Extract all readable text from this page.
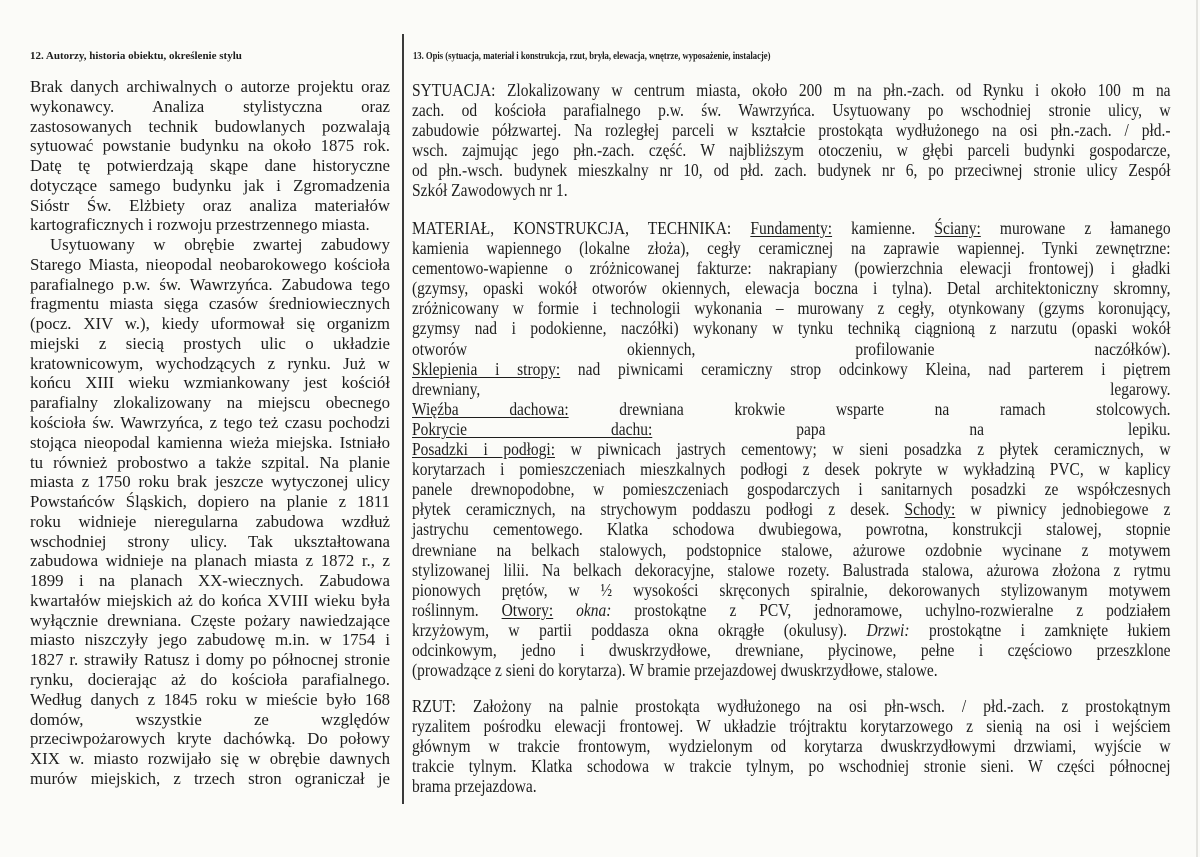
12. Autorzy, historia obiektu, określenie stylu
Brak danych archiwalnych o autorze projektu oraz
wykonawcy. Analiza stylistyczna oraz
zastosowanych technik budowlanych pozwalają
sytuować powstanie budynku na około 1875 rok.
Datę tę potwierdzają skąpe dane historyczne
dotyczące samego budynku jak i Zgromadzenia
Sióstr Św. Elżbiety oraz analiza materiałów
kartograficznych i rozwoju przestrzennego miasta.
Usytuowany w obrębie zwartej zabudowy
Starego Miasta, nieopodal neobarokowego kościoła
parafialnego p.w. św. Wawrzyńca. Zabudowa tego
fragmentu miasta sięga czasów średniowiecznych
(pocz. XIV w.), kiedy uformował się organizm
miejski z siecią prostych ulic o układzie
kratownicowym, wychodzących z rynku. Już w
końcu XIII wieku wzmiankowany jest kościół
parafialny zlokalizowany na miejscu obecnego
kościoła św. Wawrzyńca, z tego też czasu pochodzi
stojąca nieopodal kamienna wieża miejska. Istniało
tu również probostwo a także szpital. Na planie
miasta z 1750 roku brak jeszcze wytyczonej ulicy
Powstańców Śląskich, dopiero na planie z 1811
roku widnieje nieregularna zabudowa wzdłuż
wschodniej strony ulicy. Tak ukształtowana
zabudowa widnieje na planach miasta z 1872 r., z
1899 i na planach XX-wiecznych. Zabudowa
kwartałów miejskich aż do końca XVIII wieku była
wyłącznie drewniana. Częste pożary nawiedzające
miasto niszczyły jego zabudowę m.in. w 1754 i
1827 r. strawiły Ratusz i domy po północnej stronie
rynku, docierając aż do kościoła parafialnego.
Według danych z 1845 roku w mieście było 168
domów, wszystkie ze względów
przeciwpożarowych kryte dachówką. Do połowy
XIX w. miasto rozwijało się w obrębie dawnych
murów miejskich, z trzech stron ograniczał je
13. Opis (sytuacja, materiał i konstrukcja, rzut, bryła, elewacja, wnętrze, wyposażenie, instalacje)
SYTUACJA: Zlokalizowany w centrum miasta, około 200 m na płn.-zach. od Rynku i około 100 m na
zach. od kościoła parafialnego p.w. św. Wawrzyńca. Usytuowany po wschodniej stronie ulicy, w
zabudowie półzwartej. Na rozległej parceli w kształcie prostokąta wydłużonego na osi płn.-zach. / płd.-
wsch. zajmując jego płn.-zach. część. W najbliższym otoczeniu, w głębi parceli budynki gospodarcze,
od płn.-wsch. budynek mieszkalny nr 10, od płd. zach. budynek nr 6, po przeciwnej stronie ulicy Zespół
Szkół Zawodowych nr 1.
MATERIAŁ, KONSTRUKCJA, TECHNIKA: Fundamenty: kamienne. Ściany: murowane z łamanego
kamienia wapiennego (lokalne złoża), cegły ceramicznej na zaprawie wapiennej. Tynki zewnętrzne:
cementowo-wapienne o zróżnicowanej fakturze: nakrapiany (powierzchnia elewacji frontowej) i gładki
(gzymsy, opaski wokół otworów okiennych, elewacja boczna i tylna). Detal architektoniczny skromny,
zróżnicowany w formie i technologii wykonania – murowany z cegły, otynkowany (gzyms koronujący,
gzymsy nad i podokienne, naczółki) wykonany w tynku techniką ciągnioną z narzutu (opaski wokół
otworów okiennych, profilowanie naczółków).
Sklepienia i stropy: nad piwnicami ceramiczny strop odcinkowy Kleina, nad parterem i piętrem
drewniany, legarowy.
Więźba dachowa: drewniana krokwie wsparte na ramach stolcowych.
Pokrycie dachu: papa na lepiku.
Posadzki i podłogi: w piwnicach jastrych cementowy; w sieni posadzka z płytek ceramicznych, w
korytarzach i pomieszczeniach mieszkalnych podłogi z desek pokryte w wykładziną PVC, w kaplicy
panele drewnopodobne, w pomieszczeniach gospodarczych i sanitarnych posadzki ze współczesnych
płytek ceramicznych, na strychowym poddaszu podłogi z desek. Schody: w piwnicy jednobiegowe z
jastrychu cementowego. Klatka schodowa dwubiegowa, powrotna, konstrukcji stalowej, stopnie
drewniane na belkach stalowych, podstopnice stalowe, ażurowe ozdobnie wycinane z motywem
stylizowanej lilii. Na belkach dekoracyjne, stalowe rozety. Balustrada stalowa, ażurowa złożona z rytmu
pionowych prętów, w ½ wysokości skręconych spiralnie, dekorowanych stylizowanym motywem
roślinnym. Otwory: okna: prostokątne z PCV, jednoramowe, uchylno-rozwieralne z podziałem
krzyżowym, w partii poddasza okna okrągłe (okulusy). Drzwi: prostokątne i zamknięte łukiem
odcinkowym, jedno i dwuskrzydłowe, drewniane, płycinowe, pełne i częściowo przeszklone
(prowadzące z sieni do korytarza). W bramie przejazdowej dwuskrzydłowe, stalowe.
RZUT: Założony na palnie prostokąta wydłużonego na osi płn-wsch. / płd.-zach. z prostokątnym
ryzalitem pośrodku elewacji frontowej. W układzie trójtraktu korytarzowego z sienią na osi i wejściem
głównym w trakcie frontowym, wydzielonym od korytarza dwuskrzydłowymi drzwiami, wyjście w
trakcie tylnym. Klatka schodowa w trakcie tylnym, po wschodniej stronie sieni. W części północnej
brama przejazdowa.
